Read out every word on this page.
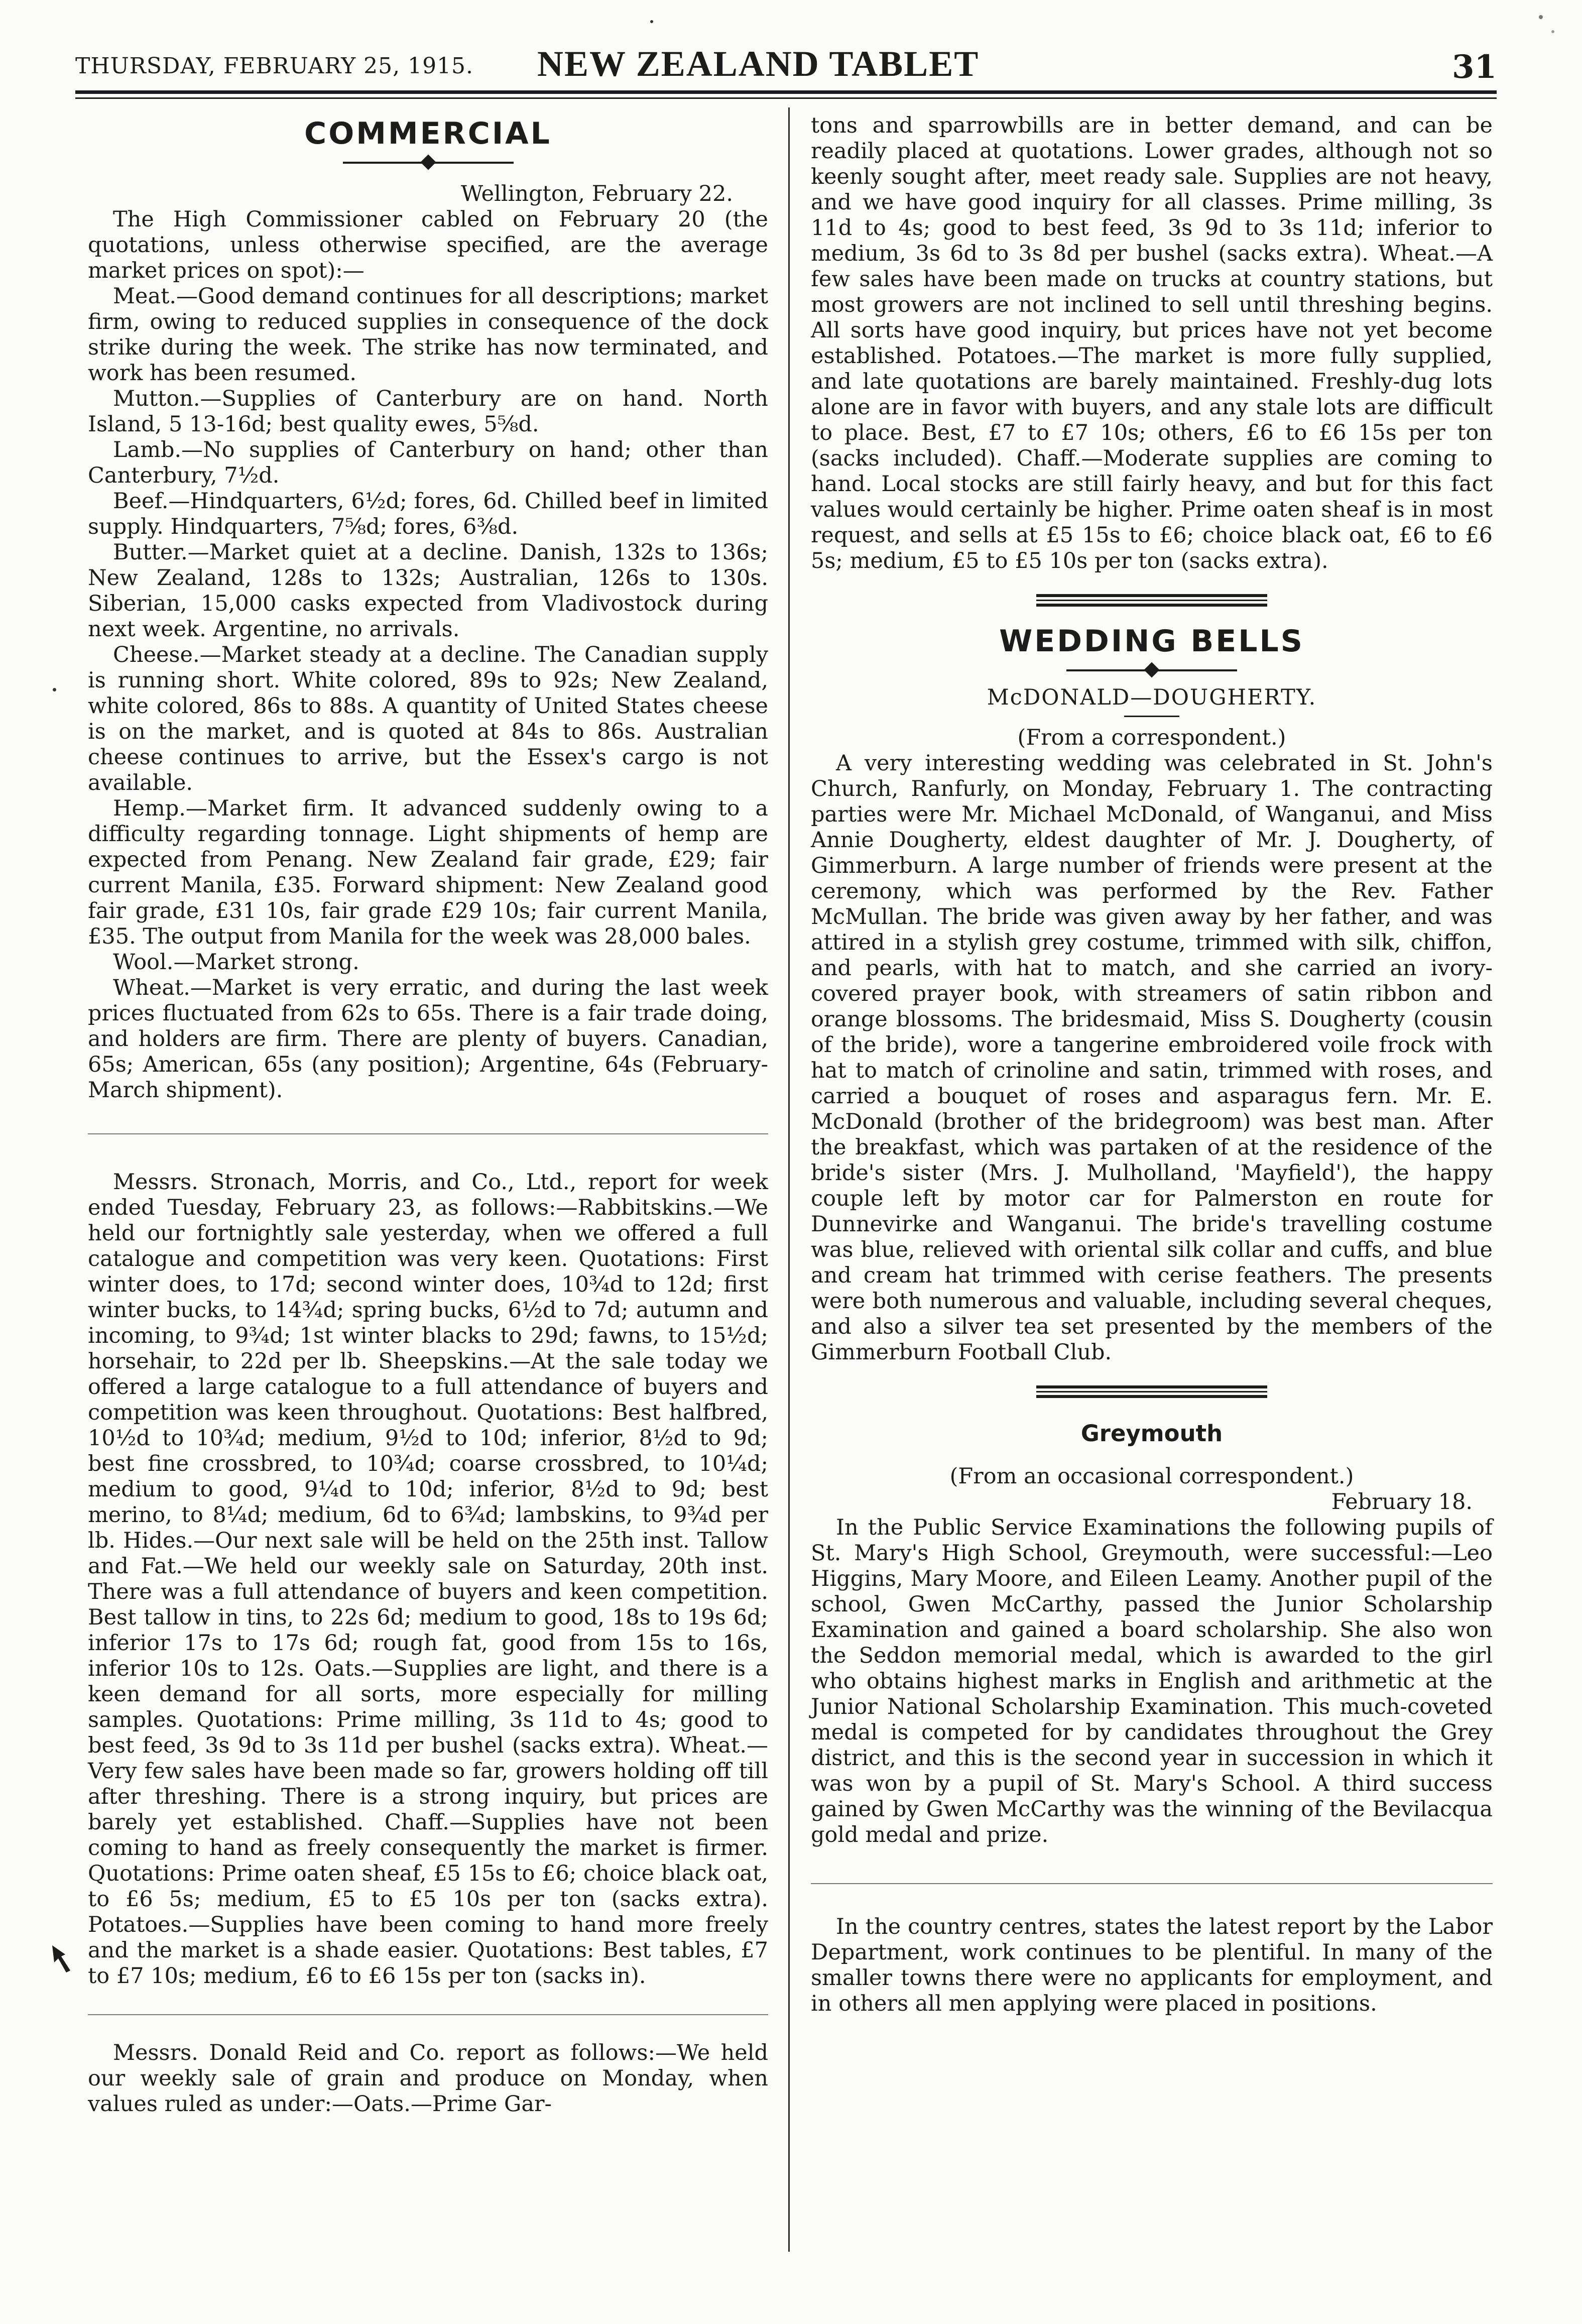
THURSDAY, FEBRUARY 25, 1915. NEW ZEALAND TABLET	31
COMMERCIAL
Wellington, February 22.

The High Commissioner cabled on February 20 (the quotations, unless otherwise specified, are the average market prices on spot):—

Meat.—Good demand continues for all descriptions; market firm, owing to reduced supplies in consequence of the dock strike during the week. The strike has now terminated, and work has been resumed.

Mutton.—Supplies of Canterbury are on hand. North Island, 5 13-16d; best quality ewes, 5⅝d.

Lamb.—No supplies of Canterbury on hand; other than Canterbury, 7½d.

Beef.—Hindquarters, 6½d; fores, 6d. Chilled beef in limited supply. Hindquarters, 7⅝d; fores, 6⅜d.

Butter.—Market quiet at a decline. Danish, 132s to 136s; New Zealand, 128s to 132s; Australian, 126s to 130s. Siberian, 15,000 casks expected from Vladivostock during next week. Argentine, no arrivals.

Cheese.—Market steady at a decline. The Canadian supply is running short. White colored, 89s to 92s; New Zealand, white colored, 86s to 88s. A quantity of United States cheese is on the market, and is quoted at 84s to 86s. Australian cheese continues to arrive, but the Essex's cargo is not available.

Hemp.—Market firm. It advanced suddenly owing to a difficulty regarding tonnage. Light shipments of hemp are expected from Penang. New Zealand fair grade, £29; fair current Manila, £35. Forward shipment: New Zealand good fair grade, £31 10s, fair grade £29 10s; fair current Manila, £35. The output from Manila for the week was 28,000 bales.

Wool.—Market strong.

Wheat.—Market is very erratic, and during the last week prices fluctuated from 62s to 65s. There is a fair trade doing, and holders are firm. There are plenty of buyers. Canadian, 65s; American, 65s (any position); Argentine, 64s (February-March shipment).

Messrs. Stronach, Morris, and Co., Ltd., report for week ended Tuesday, February 23, as follows:—Rabbitskins.—We held our fortnightly sale yesterday, when we offered a full catalogue and competition was very keen. Quotations: First winter does, to 17d; second winter does, 10¾d to 12d; first winter bucks, to 14¾d; spring bucks, 6½d to 7d; autumn and incoming, to 9¾d; 1st winter blacks to 29d; fawns, to 15½d; horsehair, to 22d per lb. Sheepskins.—At the sale today we offered a large catalogue to a full attendance of buyers and competition was keen throughout. Quotations: Best halfbred, 10½d to 10¾d; medium, 9½d to 10d; inferior, 8½d to 9d; best fine crossbred, to 10¾d; coarse crossbred, to 10¼d; medium to good, 9¼d to 10d; inferior, 8½d to 9d; best merino, to 8¼d; medium, 6d to 6¾d; lambskins, to 9¾d per lb. Hides.—Our next sale will be held on the 25th inst. Tallow and Fat.—We held our weekly sale on Saturday, 20th inst. There was a full attendance of buyers and keen competition. Best tallow in tins, to 22s 6d; medium to good, 18s to 19s 6d; inferior 17s to 17s 6d; rough fat, good from 15s to 16s, inferior 10s to 12s. Oats.—Supplies are light, and there is a keen demand for all sorts, more especially for milling samples. Quotations: Prime milling, 3s 11d to 4s; good to best feed, 3s 9d to 3s 11d per bushel (sacks extra). Wheat.—Very few sales have been made so far, growers holding off till after threshing. There is a strong inquiry, but prices are barely yet established. Chaff.—Supplies have not been coming to hand as freely consequently the market is firmer. Quotations: Prime oaten sheaf, £5 15s to £6; choice black oat, to £6 5s; medium, £5 to £5 10s per ton (sacks extra). Potatoes.—Supplies have been coming to hand more freely and the market is a shade easier. Quotations: Best tables, £7 to £7 10s; medium, £6 to £6 15s per ton (sacks in).

Messrs. Donald Reid and Co. report as follows:—We held our weekly sale of grain and produce on Monday, when values ruled as under:—Oats.—Prime Gar-

tons and sparrowbills are in better demand, and can be readily placed at quotations. Lower grades, although not so keenly sought after, meet ready sale. Supplies are not heavy, and we have good inquiry for all classes. Prime milling, 3s 11d to 4s; good to best feed, 3s 9d to 3s 11d; inferior to medium, 3s 6d to 3s 8d per bushel (sacks extra). Wheat.—A few sales have been made on trucks at country stations, but most growers are not inclined to sell until threshing begins. All sorts have good inquiry, but prices have not yet become established. Potatoes.—The market is more fully supplied, and late quotations are barely maintained. Freshly-dug lots alone are in favor with buyers, and any stale lots are difficult to place. Best, £7 to £7 10s; others, £6 to £6 15s per ton (sacks included). Chaff.—Moderate supplies are coming to hand. Local stocks are still fairly heavy, and but for this fact values would certainly be higher. Prime oaten sheaf is in most request, and sells at £5 15s to £6; choice black oat, £6 to £6 5s; medium, £5 to £5 10s per ton (sacks extra).

WEDDING BELLS
McDONALD—DOUGHERTY.
(From a correspondent.)

A very interesting wedding was celebrated in St. John's Church, Ranfurly, on Monday, February 1. The contracting parties were Mr. Michael McDonald, of Wanganui, and Miss Annie Dougherty, eldest daughter of Mr. J. Dougherty, of Gimmerburn. A large number of friends were present at the ceremony, which was performed by the Rev. Father McMullan. The bride was given away by her father, and was attired in a stylish grey costume, trimmed with silk, chiffon, and pearls, with hat to match, and she carried an ivory-covered prayer book, with streamers of satin ribbon and orange blossoms. The bridesmaid, Miss S. Dougherty (cousin of the bride), wore a tangerine embroidered voile frock with hat to match of crinoline and satin, trimmed with roses, and carried a bouquet of roses and asparagus fern. Mr. E. McDonald (brother of the bridegroom) was best man. After the breakfast, which was partaken of at the residence of the bride's sister (Mrs. J. Mulholland, 'Mayfield'), the happy couple left by motor car for Palmerston en route for Dunnevirke and Wanganui. The bride's travelling costume was blue, relieved with oriental silk collar and cuffs, and blue and cream hat trimmed with cerise feathers. The presents were both numerous and valuable, including several cheques, and also a silver tea set presented by the members of the Gimmerburn Football Club.

Greymouth
(From an occasional correspondent.)
February 18.

In the Public Service Examinations the following pupils of St. Mary's High School, Greymouth, were successful:—Leo Higgins, Mary Moore, and Eileen Leamy. Another pupil of the school, Gwen McCarthy, passed the Junior Scholarship Examination and gained a board scholarship. She also won the Seddon memorial medal, which is awarded to the girl who obtains highest marks in English and arithmetic at the Junior National Scholarship Examination. This much-coveted medal is competed for by candidates throughout the Grey district, and this is the second year in succession in which it was won by a pupil of St. Mary's School. A third success gained by Gwen McCarthy was the winning of the Bevilacqua gold medal and prize.

In the country centres, states the latest report by the Labor Department, work continues to be plentiful. In many of the smaller towns there were no applicants for employment, and in others all men applying were placed in positions.
